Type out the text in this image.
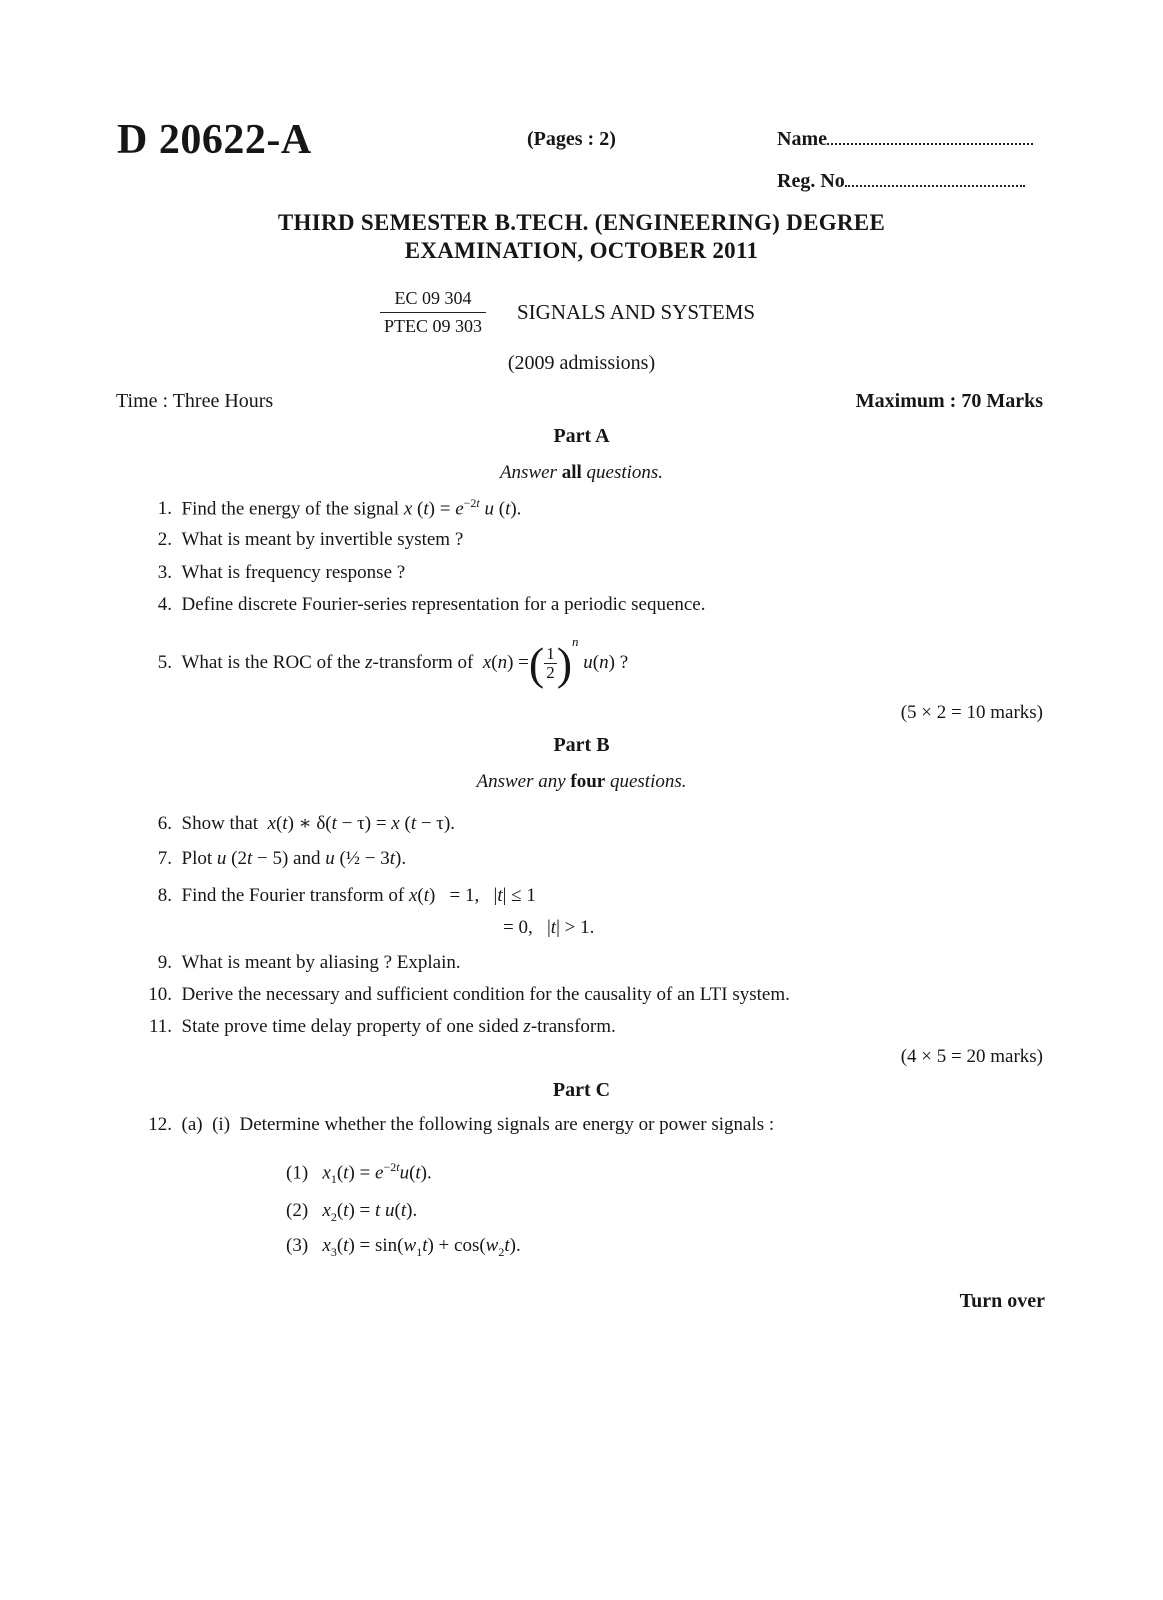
D 20622-A	(Pages : 2)	Name
Reg. No
THIRD SEMESTER B.TECH. (ENGINEERING) DEGREE
EXAMINATION, OCTOBER 2011
EC 09 304
PTEC 09 303
SIGNALS AND SYSTEMS
(2009 admissions)
Time : Three Hours	Maximum : 70 Marks
Part A
Answer all questions.
1. Find the energy of the signal x $(t) = e^{-2t}$ u (t).
2. What is meant by invertible system ?
3. What is frequency response ?
4. Define discrete Fourier-series representation for a periodic sequence.
5. What is the ROC of the z-transform of  x(n) =( $\frac{1}{2} )^n$ u(n) ?
(5 × 2 = 10 marks)
Part B
Answer any four questions.
6. Show that x(t) ∗ δ(t − τ) = x (t − τ).
7. Plot u (2t − 5) and u (½ − 3t).
8. Find the Fourier transform of x(t)   = 1,   |t| ≤ 1
= 0,   |t| > 1.
9. What is meant by aliasing ? Explain.
10. Derive the necessary and sufficient condition for the causality of an LTI system.
11. State prove time delay property of one sided z-transform.
(4 × 5 = 20 marks)
Part C
12. (a) (i) Determine whether the following signals are energy or power signals :
(1) $x_1(t) = e^{-2t}u(t)$.
(2) $x_2(t) = t$ u(t).
(3) $x_3(t) = \sin(w_1t) + \cos(w_2t)$.
Turn over
